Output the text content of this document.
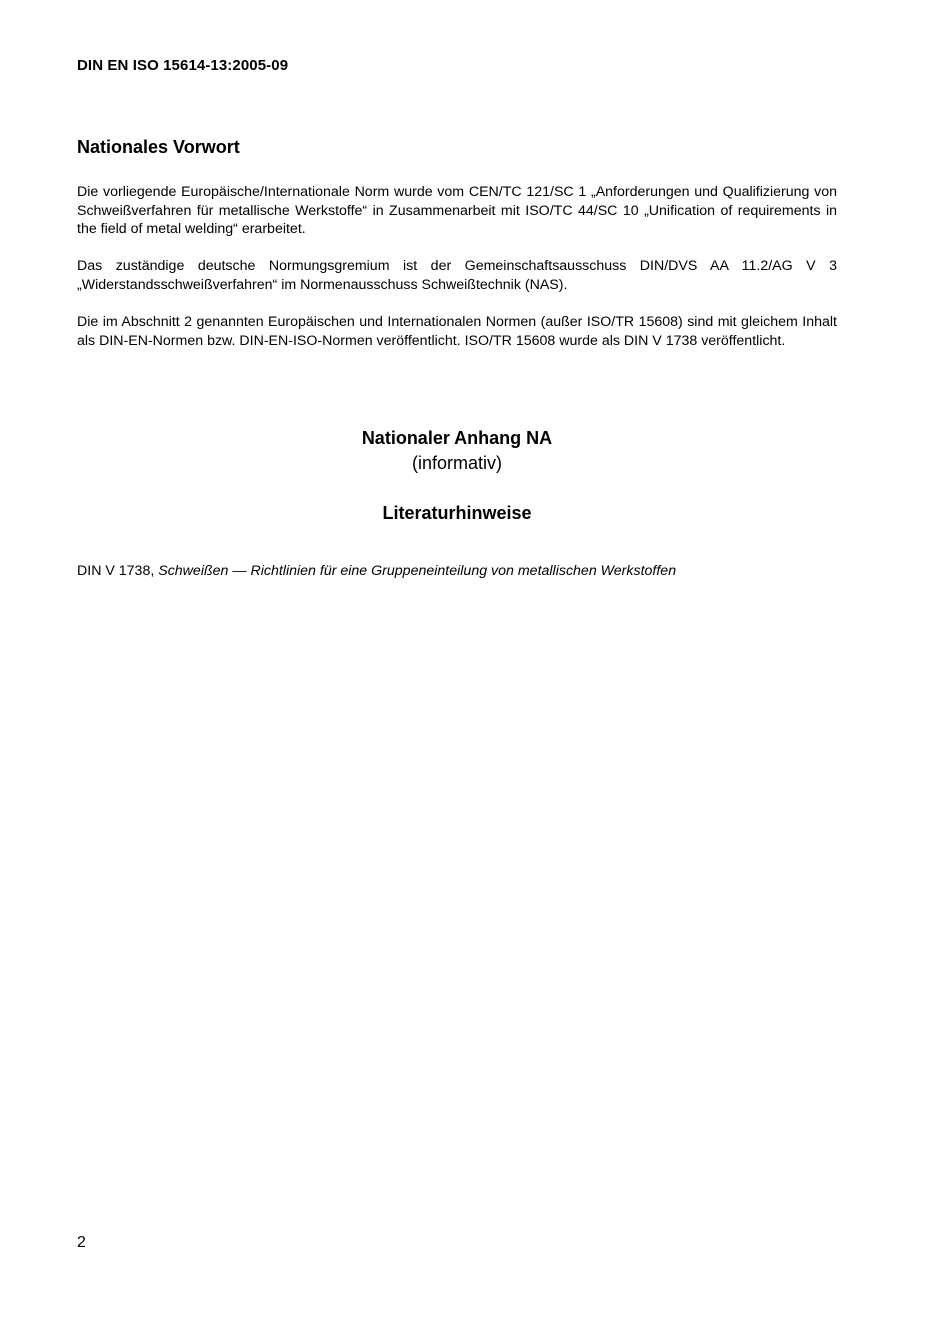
DIN EN ISO 15614-13:2005-09
Nationales Vorwort

Die vorliegende Europäische/Internationale Norm wurde vom CEN/TC 121/SC 1 „Anforderungen und Qualifizierung von Schweißverfahren für metallische Werkstoffe“ in Zusammenarbeit mit ISO/TC 44/SC 10 „Unification of requirements in the field of metal welding“ erarbeitet.

Das zuständige deutsche Normungsgremium ist der Gemeinschaftsausschuss DIN/DVS AA 11.2/AG V 3 „Widerstandsschweißverfahren“ im Normenausschuss Schweißtechnik (NAS).

Die im Abschnitt 2 genannten Europäischen und Internationalen Normen (außer ISO/TR 15608) sind mit gleichem Inhalt als DIN-EN-Normen bzw. DIN-EN-ISO-Normen veröffentlicht. ISO/TR 15608 wurde als DIN V 1738 veröffentlicht.

Nationaler Anhang NA
(informativ)
Literaturhinweise
DIN V 1738, Schweißen — Richtlinien für eine Gruppeneinteilung von metallischen Werkstoffen
2
